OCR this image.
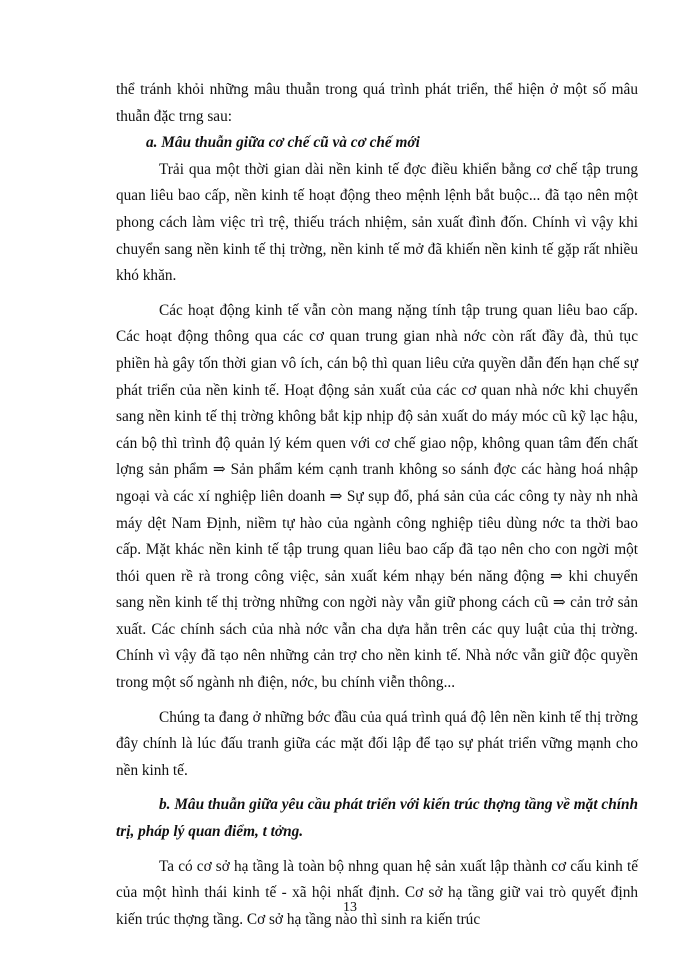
thể tránh khỏi những mâu thuẫn trong quá trình phát triển, thể hiện ở một số mâu thuẫn đặc trng sau:

a. Mâu thuẫn giữa cơ chế cũ và cơ chế mới

Trải qua một thời gian dài nền kinh tế đợc điều khiển bằng cơ chế tập trung quan liêu bao cấp, nền kinh tế hoạt động theo mệnh lệnh bắt buộc... đã tạo nên một phong cách làm việc trì trệ, thiếu trách nhiệm, sản xuất đình đốn. Chính vì vậy khi chuyển sang nền kinh tế thị trờng, nền kinh tế mở đã khiến nền kinh tế gặp rất nhiều khó khăn.

Các hoạt động kinh tế vẫn còn mang nặng tính tập trung quan liêu bao cấp. Các hoạt động thông qua các cơ quan trung gian nhà nớc còn rất đầy đà, thủ tục phiền hà gây tốn thời gian vô ích, cán bộ thì quan liêu cửa quyền dẫn đến hạn chế sự phát triển của nền kinh tế. Hoạt động sản xuất của các cơ quan nhà nớc khi chuyển sang nền kinh tế thị trờng không bắt kịp nhịp độ sản xuất do máy móc cũ kỹ lạc hậu, cán bộ thì trình độ quản lý kém quen với cơ chế giao nộp, không quan tâm đến chất lợng sản phẩm ⇒ Sản phẩm kém cạnh tranh không so sánh đợc các hàng hoá nhập ngoại và các xí nghiệp liên doanh ⇒ Sự sụp đổ, phá sản của các công ty này nh nhà máy dệt Nam Định, niềm tự hào của ngành công nghiệp tiêu dùng nớc ta thời bao cấp. Mặt khác nền kinh tế tập trung quan liêu bao cấp đã tạo nên cho con ngời một thói quen rề rà trong công việc, sản xuất kém nhạy bén năng động ⇒ khi chuyển sang nền kinh tế thị trờng những con ngời này vẫn giữ phong cách cũ ⇒ cản trở sản xuất. Các chính sách của nhà nớc vẫn cha dựa hẳn trên các quy luật của thị trờng. Chính vì vậy đã tạo nên những cản trợ cho nền kinh tế. Nhà nớc vẫn giữ độc quyền trong một số ngành nh điện, nớc, bu chính viễn thông...

Chúng ta đang ở những bớc đầu của quá trình quá độ lên nền kinh tế thị trờng đây chính là lúc đấu tranh giữa các mặt đối lập để tạo sự phát triển vững mạnh cho nền kinh tế.

b. Mâu thuẫn giữa yêu cầu phát triển với kiến trúc thợng tầng về mặt chính trị, pháp lý quan điểm, t tởng.

Ta có cơ sở hạ tầng là toàn bộ nhng quan hệ sản xuất lập thành cơ cấu kinh tế của một hình thái kinh tế - xã hội nhất định. Cơ sở hạ tầng giữ vai trò quyết định kiến trúc thợng tầng. Cơ sở hạ tầng nào thì sinh ra kiến trúc

13
